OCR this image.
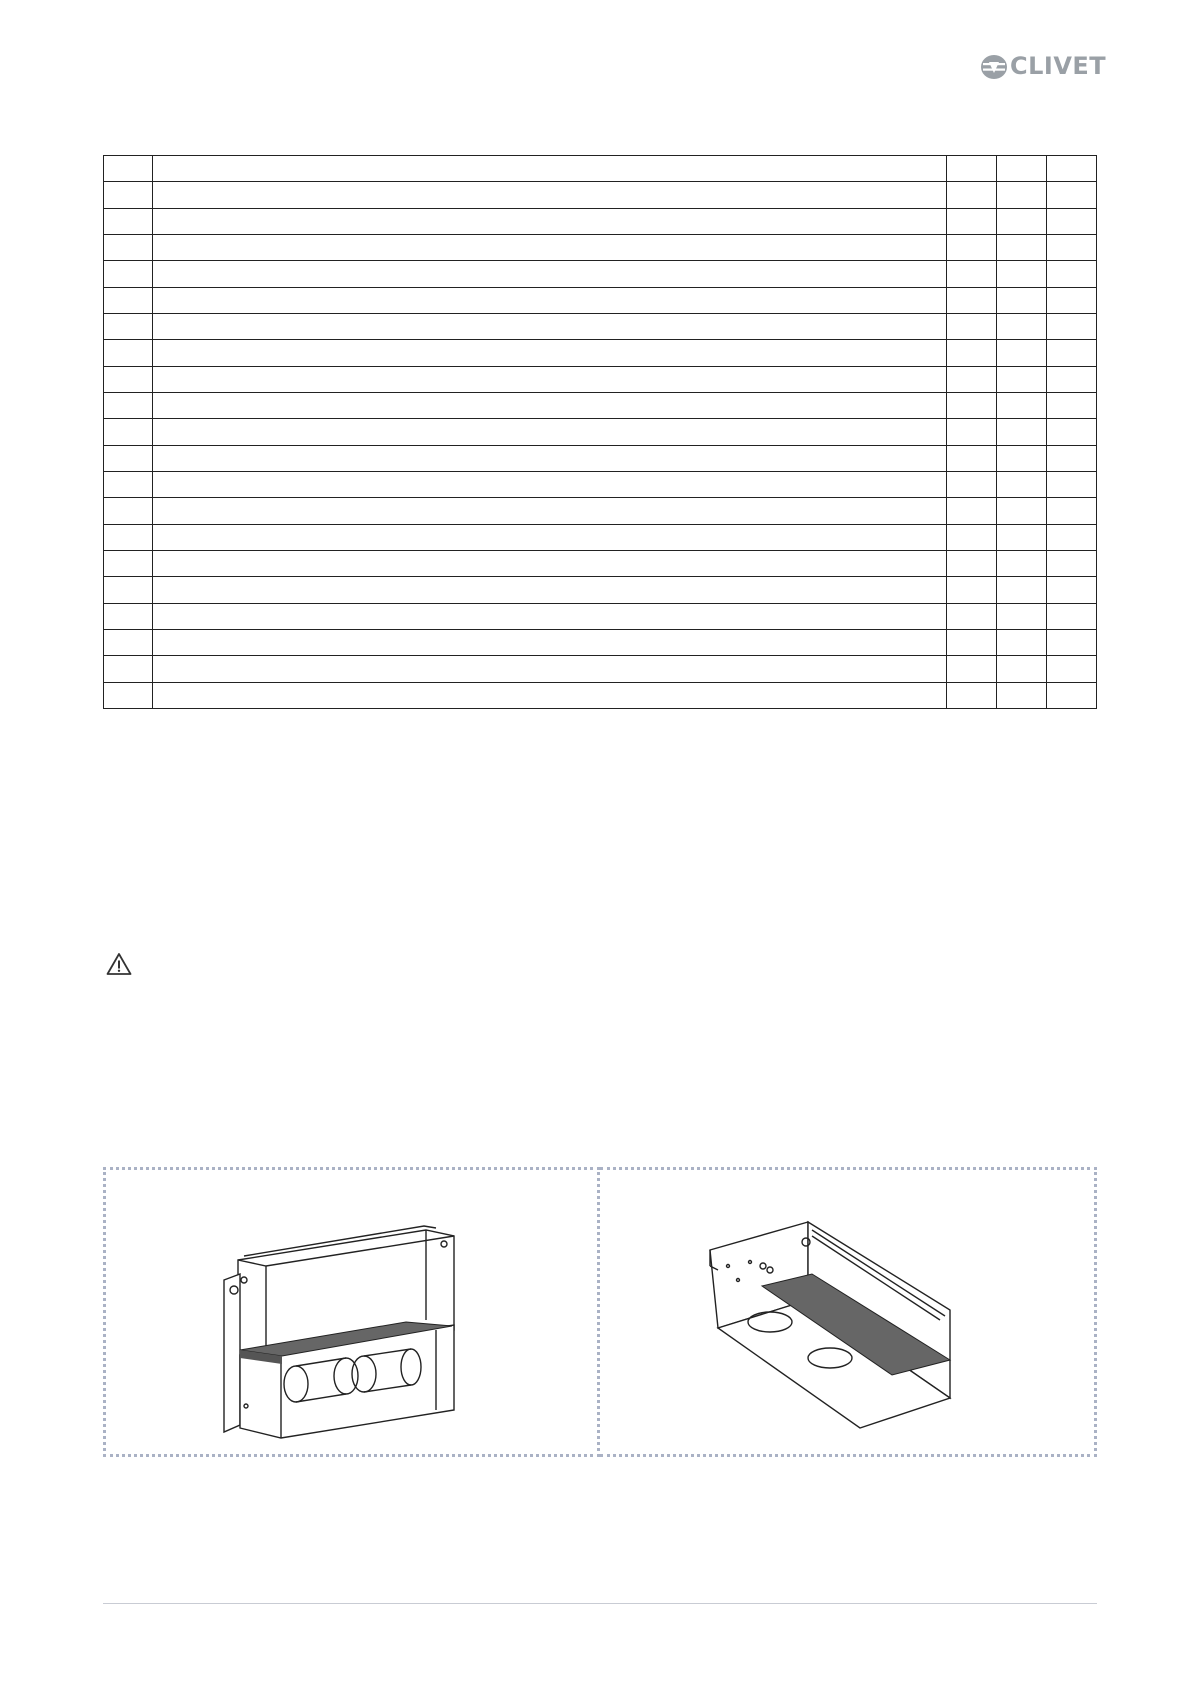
CLIVET
